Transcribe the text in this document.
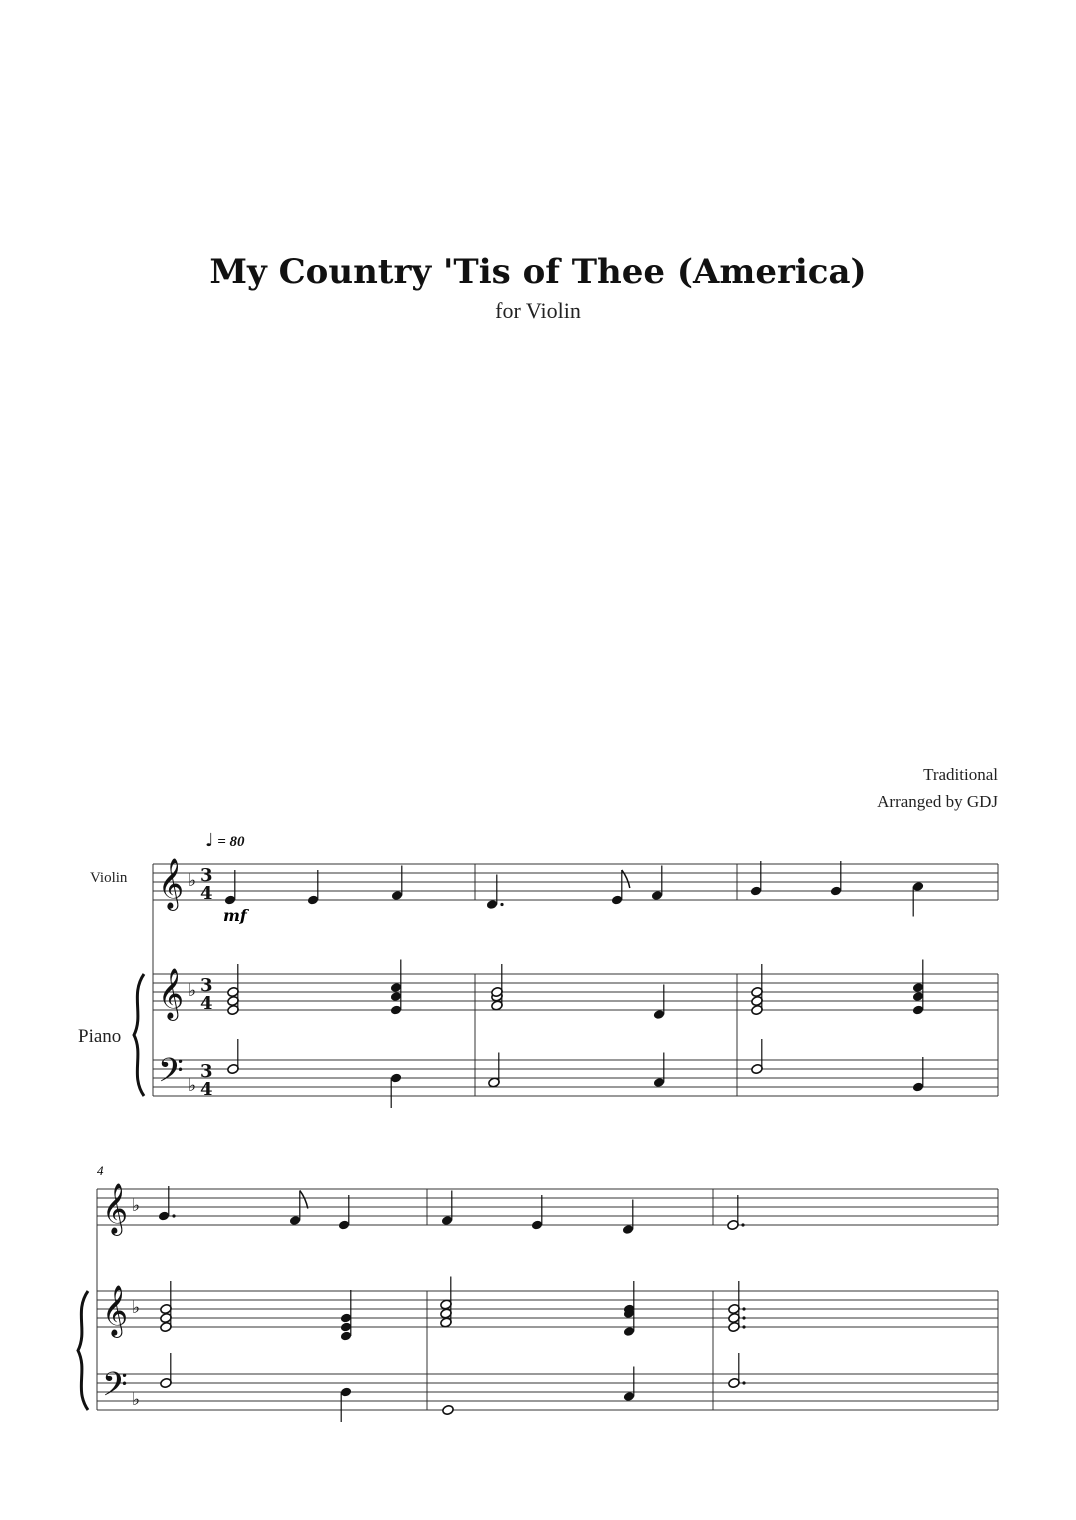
My Country 'Tis of Thee (America)
for Violin
Traditional
Arranged by GDJ
♩ = 80
Violin
Piano
mf
4
𝄞
𝄞
𝄢
♭
♭
♭
3
4
3
4
3
4
𝄞
𝄞
𝄢
♭
♭
♭
